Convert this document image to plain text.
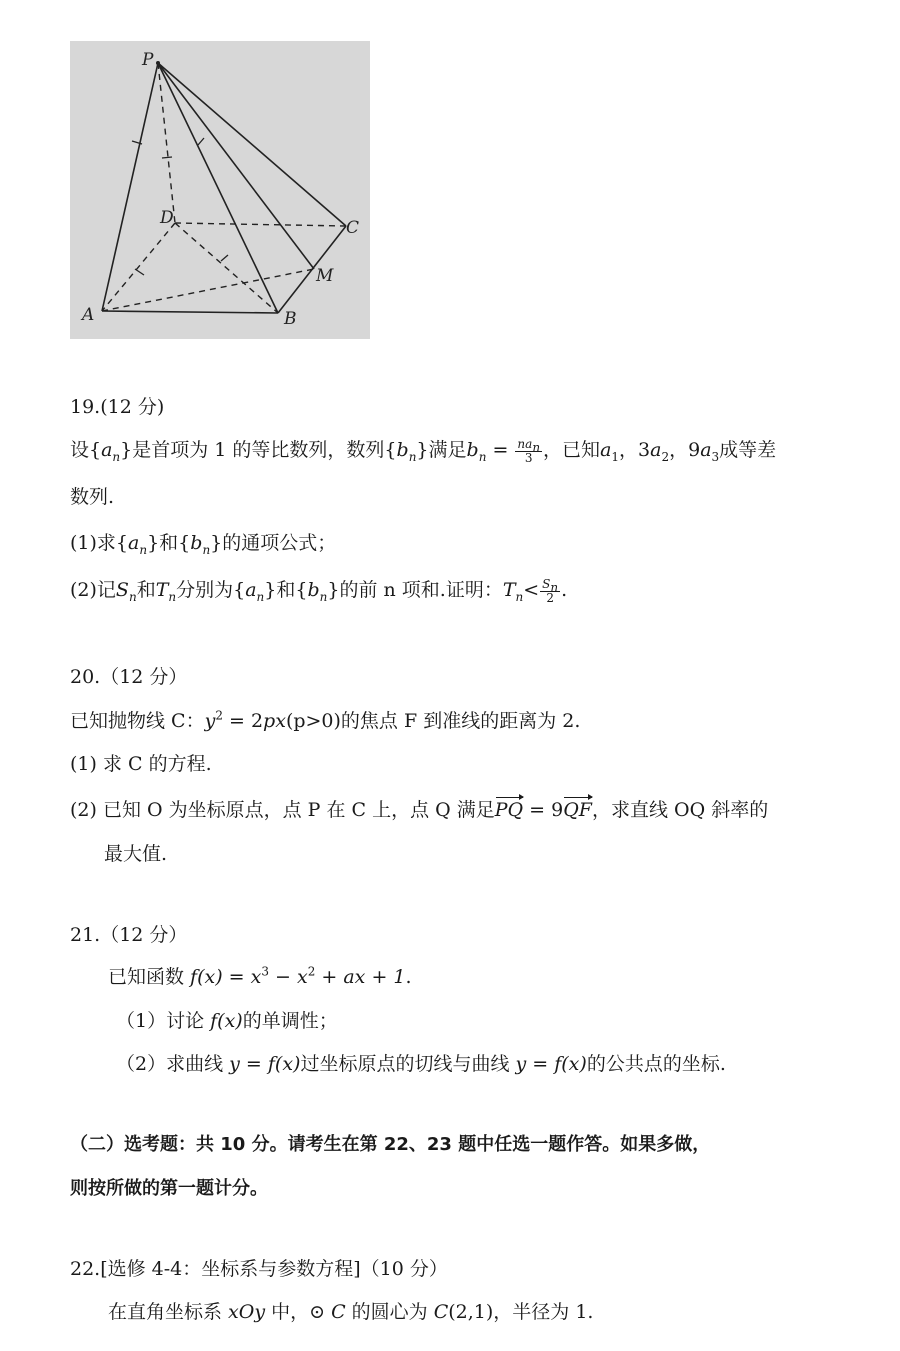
P
D	C
M
A	B
19.(12 分)
设$\{a_n\}$是首项为 1 的等比数列，数列$\{b_n\}$满足$b_n = \frac{na_n}{3}$ ，已知$a_1$，$3a_2$，$9a_3$成等差
数列.
(1)求$\{a_n\}$和$\{b_n\}$的通项公式；
(2)记$S_n$和$T_n$分别为$\{a_n\}$和$\{b_n\}$的前 n 项和.证明：$T_n< \frac{S_n}{2}$ .
20.（12 分）
已知抛物线 C：$y^2 = 2px(p>0)$的焦点 F 到准线的距离为 2.
(1) 求 C 的方程.
(2) 已知 O 为坐标原点，点 P 在 C 上，点 Q 满足PQ = 9QF，求直线 OQ 斜率的
最大值.
21.（12 分）
已知函数 $f(x) = x^3 - x^2$ + ax + 1.
（1）讨论 f(x)的单调性；
（2）求曲线 y = f(x)过坐标原点的切线与曲线 y = f(x)的公共点的坐标.
（二）选考题：共 10 分。请考生在第 22、23 题中任选一题作答。如果多做，
则按所做的第一题计分。
22.[选修 4-4：坐标系与参数方程]（10 分）
在直角坐标系 xOy 中，⊙ C 的圆心为 C(2,1)，半径为 1.
